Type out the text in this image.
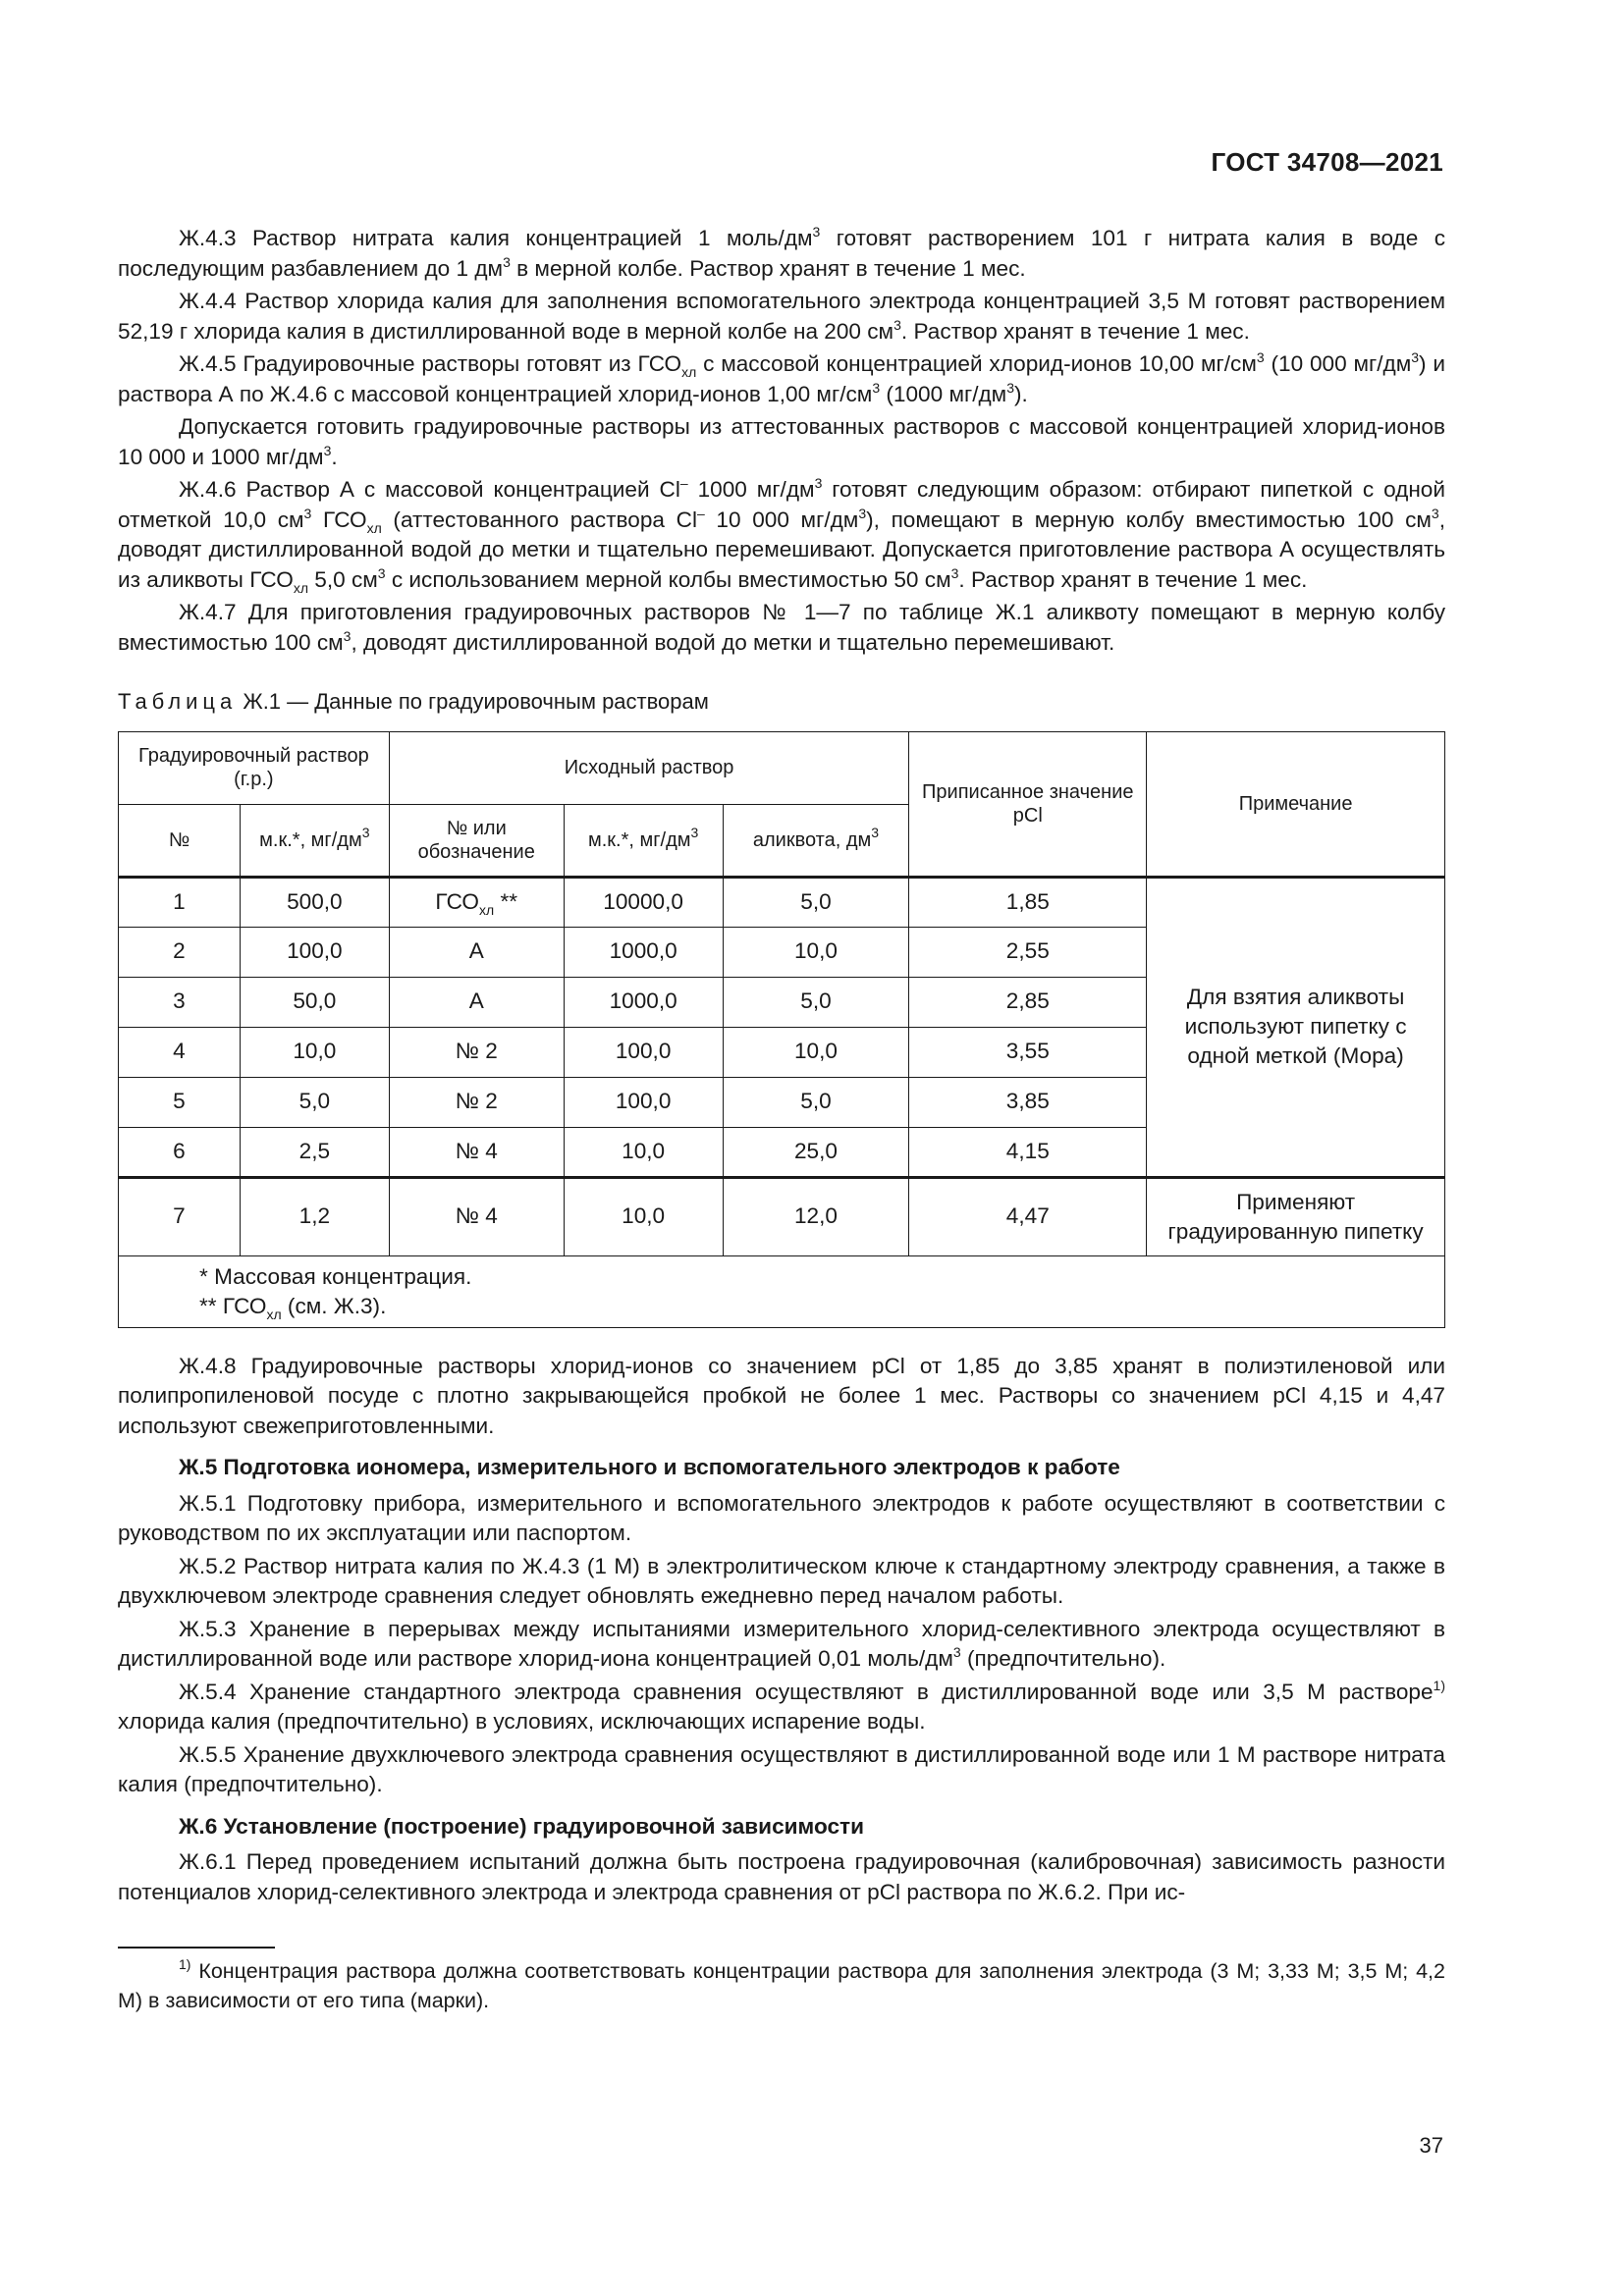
ГОСТ 34708—2021

Ж.4.3 Раствор нитрата калия концентрацией 1 моль/$дм^3$ готовят растворением 101 г нитрата калия в воде с последующим разбавлением до 1 $дм^3$ в мерной колбе. Раствор хранят в течение 1 мес.

Ж.4.4 Раствор хлорида калия для заполнения вспомогательного электрода концентрацией 3,5 М готовят растворением 52,19 г хлорида калия в дистиллированной воде в мерной колбе на 200 $см^3$. Раствор хранят в течение 1 мес.

Ж.4.5 Градуировочные растворы готовят из $ГСО_{хл}$ с массовой концентрацией хлорид-ионов 10,00 $мг/см^3$ (10 000 $мг/дм^3$) и раствора А по Ж.4.6 с массовой концентрацией хлорид-ионов 1,00 $мг/см^3$ (1000 $мг/дм^3$).

Допускается готовить градуировочные растворы из аттестованных растворов с массовой концентрацией хлорид-ионов 10 000 и 1000 $мг/дм^3$.

Ж.4.6 Раствор А с массовой концентрацией Cl– 1000 $мг/дм^3$ готовят следующим образом: отбирают пипеткой с одной отметкой 10,0 $см^3$ $ГСО_{хл}$ (аттестованного раствора Cl– 10 000 $мг/дм^3$), помещают в мерную колбу вместимостью 100 $см^3$, доводят дистиллированной водой до метки и тщательно перемешивают. Допускается приготовление раствора А осуществлять из аликвоты $ГСО_{хл}$ 5,0 $см^3$ с использованием мерной колбы вместимостью 50 $см^3$. Раствор хранят в течение 1 мес.

Ж.4.7 Для приготовления градуировочных растворов № 1—7 по таблице Ж.1 аликвоту помещают в мерную колбу вместимостью 100 $см^3$, доводят дистиллированной водой до метки и тщательно перемешивают.

Таблица Ж.1 — Данные по градуировочным растворам
Градуировочный раствор (г.р.)		Исходный раствор			Приписанное значение pCl	Примечание
№	м.к.*, $мг/дм^3$	№ или обозначение	м.к.*, $мг/дм^3$	аликвота, $дм^3$
1	500,0	$ГСО_{хл}$ **	10000,0	5,0	1,85	Для взятия аликвоты используют пипетку с одной меткой (Мора)
2	100,0	А	1000,0	10,0	2,55	
3	50,0	А	1000,0	5,0	2,85	
4	10,0	№ 2	100,0	10,0	3,55	
5	5,0	№ 2	100,0	5,0	3,85	
6	2,5	№ 4	10,0	25,0	4,15	
7	1,2	№ 4	10,0	12,0	4,47	Применяют градуированную пипетку

* Массовая концентрация.
** $ГСО_{хл}$ (см. Ж.3).						

Ж.4.8 Градуировочные растворы хлорид-ионов со значением pCl от 1,85 до 3,85 хранят в полиэтиленовой или полипропиленовой посуде с плотно закрывающейся пробкой не более 1 мес. Растворы со значением pCl 4,15 и 4,47 используют свежеприготовленными.

Ж.5 Подготовка иономера, измерительного и вспомогательного электродов к работе

Ж.5.1 Подготовку прибора, измерительного и вспомогательного электродов к работе осуществляют в соответствии с руководством по их эксплуатации или паспортом.

Ж.5.2 Раствор нитрата калия по Ж.4.3 (1 М) в электролитическом ключе к стандартному электроду сравнения, а также в двухключевом электроде сравнения следует обновлять ежедневно перед началом работы.

Ж.5.3 Хранение в перерывах между испытаниями измерительного хлорид-селективного электрода осуществляют в дистиллированной воде или растворе хлорид-иона концентрацией 0,01 моль/$дм^3$ (предпочтительно).

Ж.5.4 Хранение стандартного электрода сравнения осуществляют в дистиллированной воде или 3,5 М растворе$^{1)}$ хлорида калия (предпочтительно) в условиях, исключающих испарение воды.

Ж.5.5 Хранение двухключевого электрода сравнения осуществляют в дистиллированной воде или 1 М растворе нитрата калия (предпочтительно).

Ж.6 Установление (построение) градуировочной зависимости

Ж.6.1 Перед проведением испытаний должна быть построена градуировочная (калибровочная) зависимость разности потенциалов хлорид-селективного электрода и электрода сравнения от pCl раствора по Ж.6.2. При ис-

$^{1)}$ Концентрация раствора должна соответствовать концентрации раствора для заполнения электрода (3 М; 3,33 М; 3,5 М; 4,2 М) в зависимости от его типа (марки).

37
